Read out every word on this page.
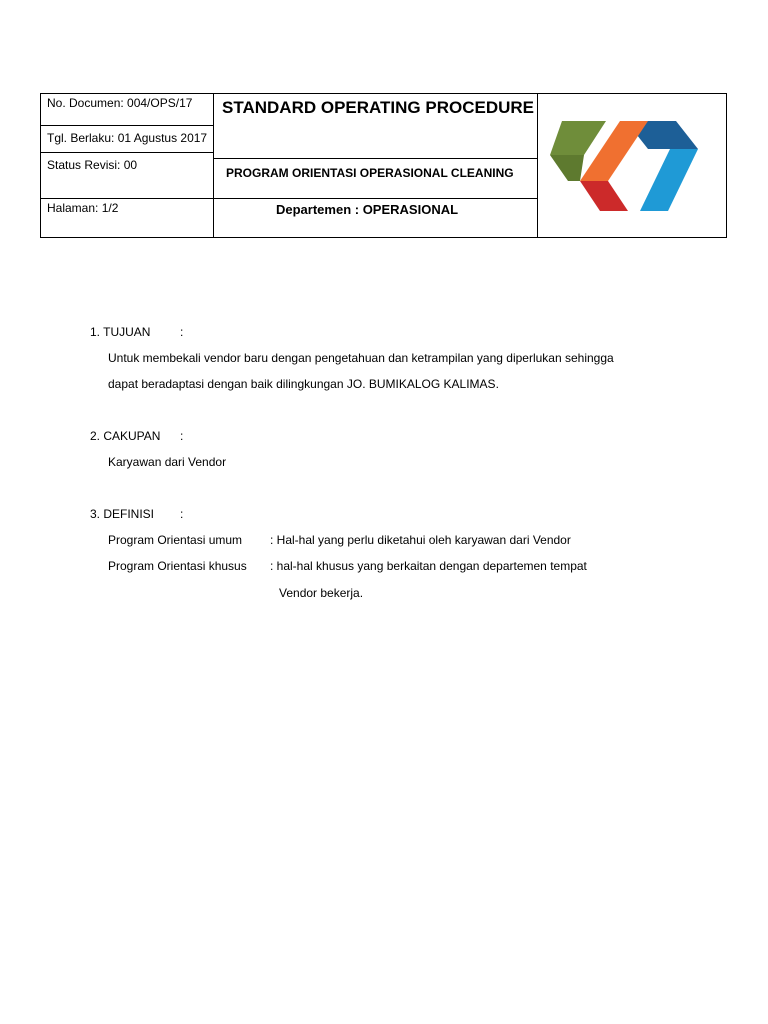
No. Documen: 004/OPS/17
Tgl. Berlaku: 01 Agustus 2017
Status Revisi: 00
Halaman: 1/2
STANDARD OPERATING PROCEDURE
PROGRAM ORIENTASI OPERASIONAL CLEANING
Departemen : OPERASIONAL
1. TUJUAN :
Untuk membekali vendor baru dengan pengetahuan dan ketrampilan yang diperlukan sehingga
dapat beradaptasi dengan baik dilingkungan JO. BUMIKALOG KALIMAS.
2. CAKUPAN :
Karyawan dari Vendor
3. DEFINISI :
Program Orientasi umum : Hal-hal yang perlu diketahui oleh karyawan dari Vendor
Program Orientasi khusus : hal-hal khusus yang berkaitan dengan departemen tempat
Vendor bekerja.
